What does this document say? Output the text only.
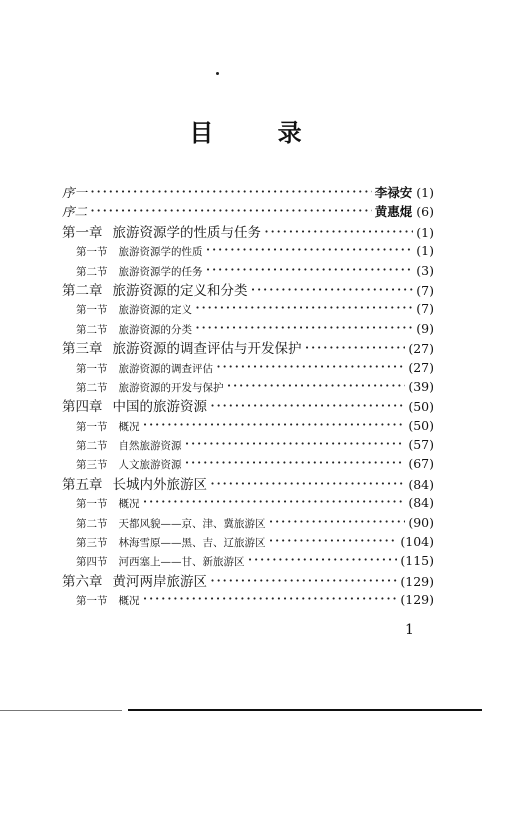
目 录
序一 ·····	李禄安 (1)
序二 ·····	黄惠焜 (6)
第一章 旅游资源学的性质与任务 ·····	(1)
第一节 旅游资源学的性质 ·····	(1)
第二节 旅游资源学的任务 ·····	(3)
第二章 旅游资源的定义和分类 ·····	(7)
第一节 旅游资源的定义 ·····	(7)
第二节 旅游资源的分类 ·····	(9)
第三章 旅游资源的调查评估与开发保护 ·····	(27)
第一节 旅游资源的调查评估 ·····	(27)
第二节 旅游资源的开发与保护 ·····	(39)
第四章 中国的旅游资源 ·····	(50)
第一节 概况 ·····	(50)
第二节 自然旅游资源 ·····	(57)
第三节 人文旅游资源 ·····	(67)
第五章 长城内外旅游区 ·····	(84)
第一节 概况 ·····	(84)
第二节 天都风貌——京、津、冀旅游区 ·····	(90)
第三节 林海雪原——黑、吉、辽旅游区 ·····	(104)
第四节 河西塞上——甘、新旅游区 ·····	(115)
第六章 黄河两岸旅游区 ·····	(129)
第一节 概况 ·····	(129)
1
